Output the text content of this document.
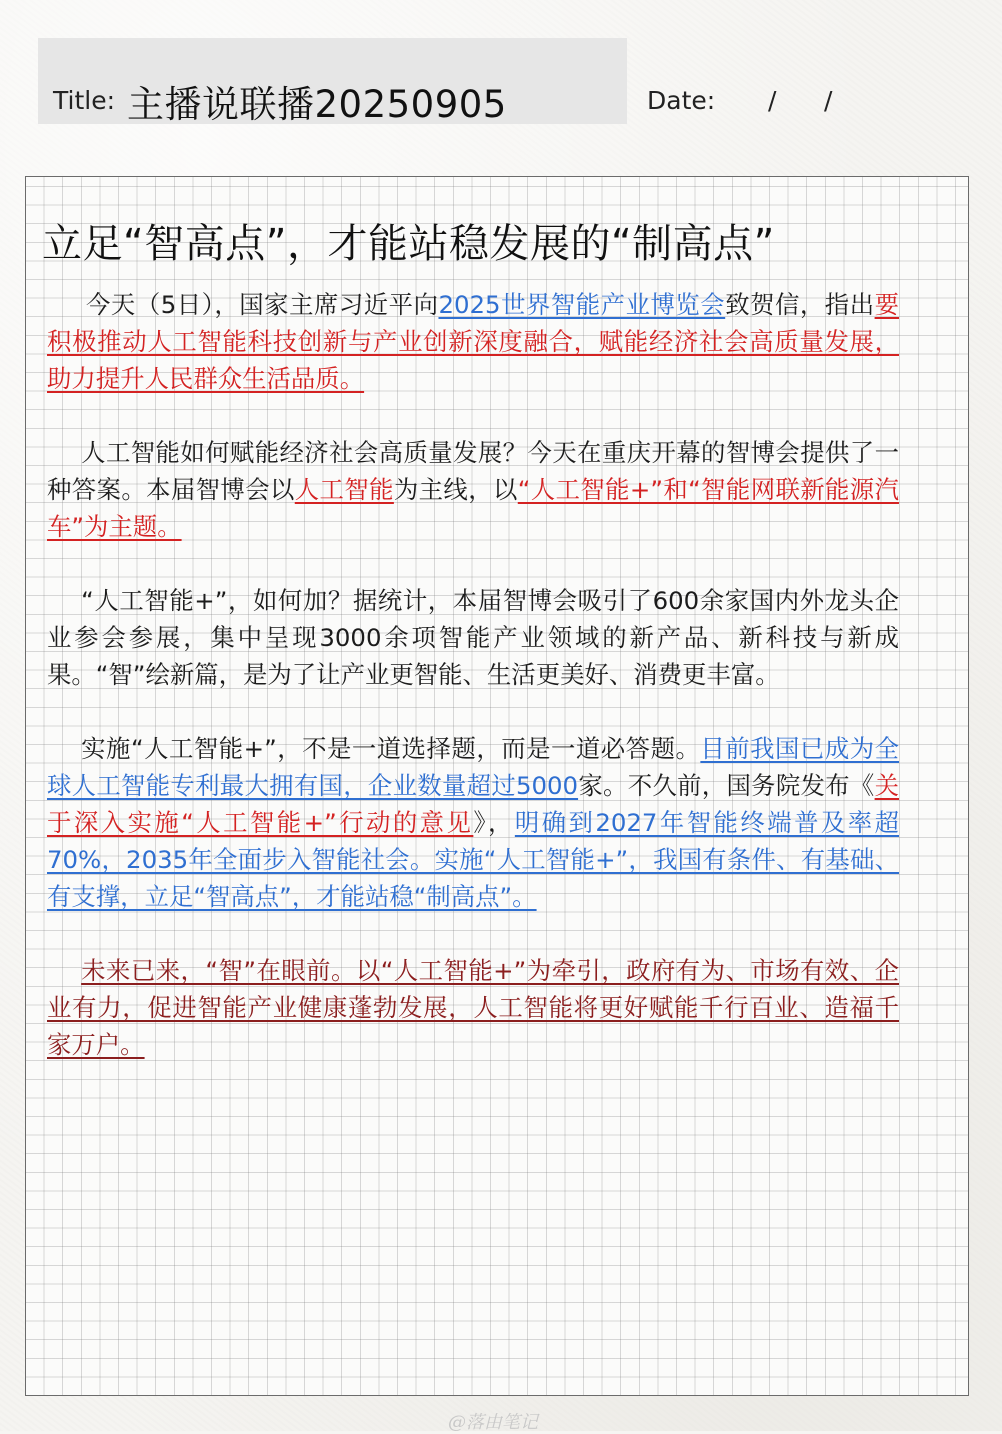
Title: 主播说联播20250905	Date: / /
立足“智高点”，才能站稳发展的“制高点”

今天（5日），国家主席习近平向2025世界智能产业博览会致贺信，指出要积极推动人工智能科技创新与产业创新深度融合，赋能经济社会高质量发展，助力提升人民群众生活品质。

人工智能如何赋能经济社会高质量发展？今天在重庆开幕的智博会提供了一种答案。本届智博会以人工智能为主线，以“人工智能+”和“智能网联新能源汽车”为主题。

“人工智能+”，如何加？据统计，本届智博会吸引了600余家国内外龙头企业参会参展，集中呈现3000余项智能产业领域的新产品、新科技与新成果。“智”绘新篇，是为了让产业更智能、生活更美好、消费更丰富。

实施“人工智能+”，不是一道选择题，而是一道必答题。目前我国已成为全球人工智能专利最大拥有国，企业数量超过5000家。不久前，国务院发布《关于深入实施“人工智能+”行动的意见》，明确到2027年智能终端普及率超70%，2035年全面步入智能社会。实施“人工智能+”，我国有条件、有基础、有支撑，立足“智高点”，才能站稳“制高点”。

未来已来，“智”在眼前。以“人工智能+”为牵引，政府有为、市场有效、企业有力，促进智能产业健康蓬勃发展，人工智能将更好赋能千行百业、造福千家万户。

@落由笔记
